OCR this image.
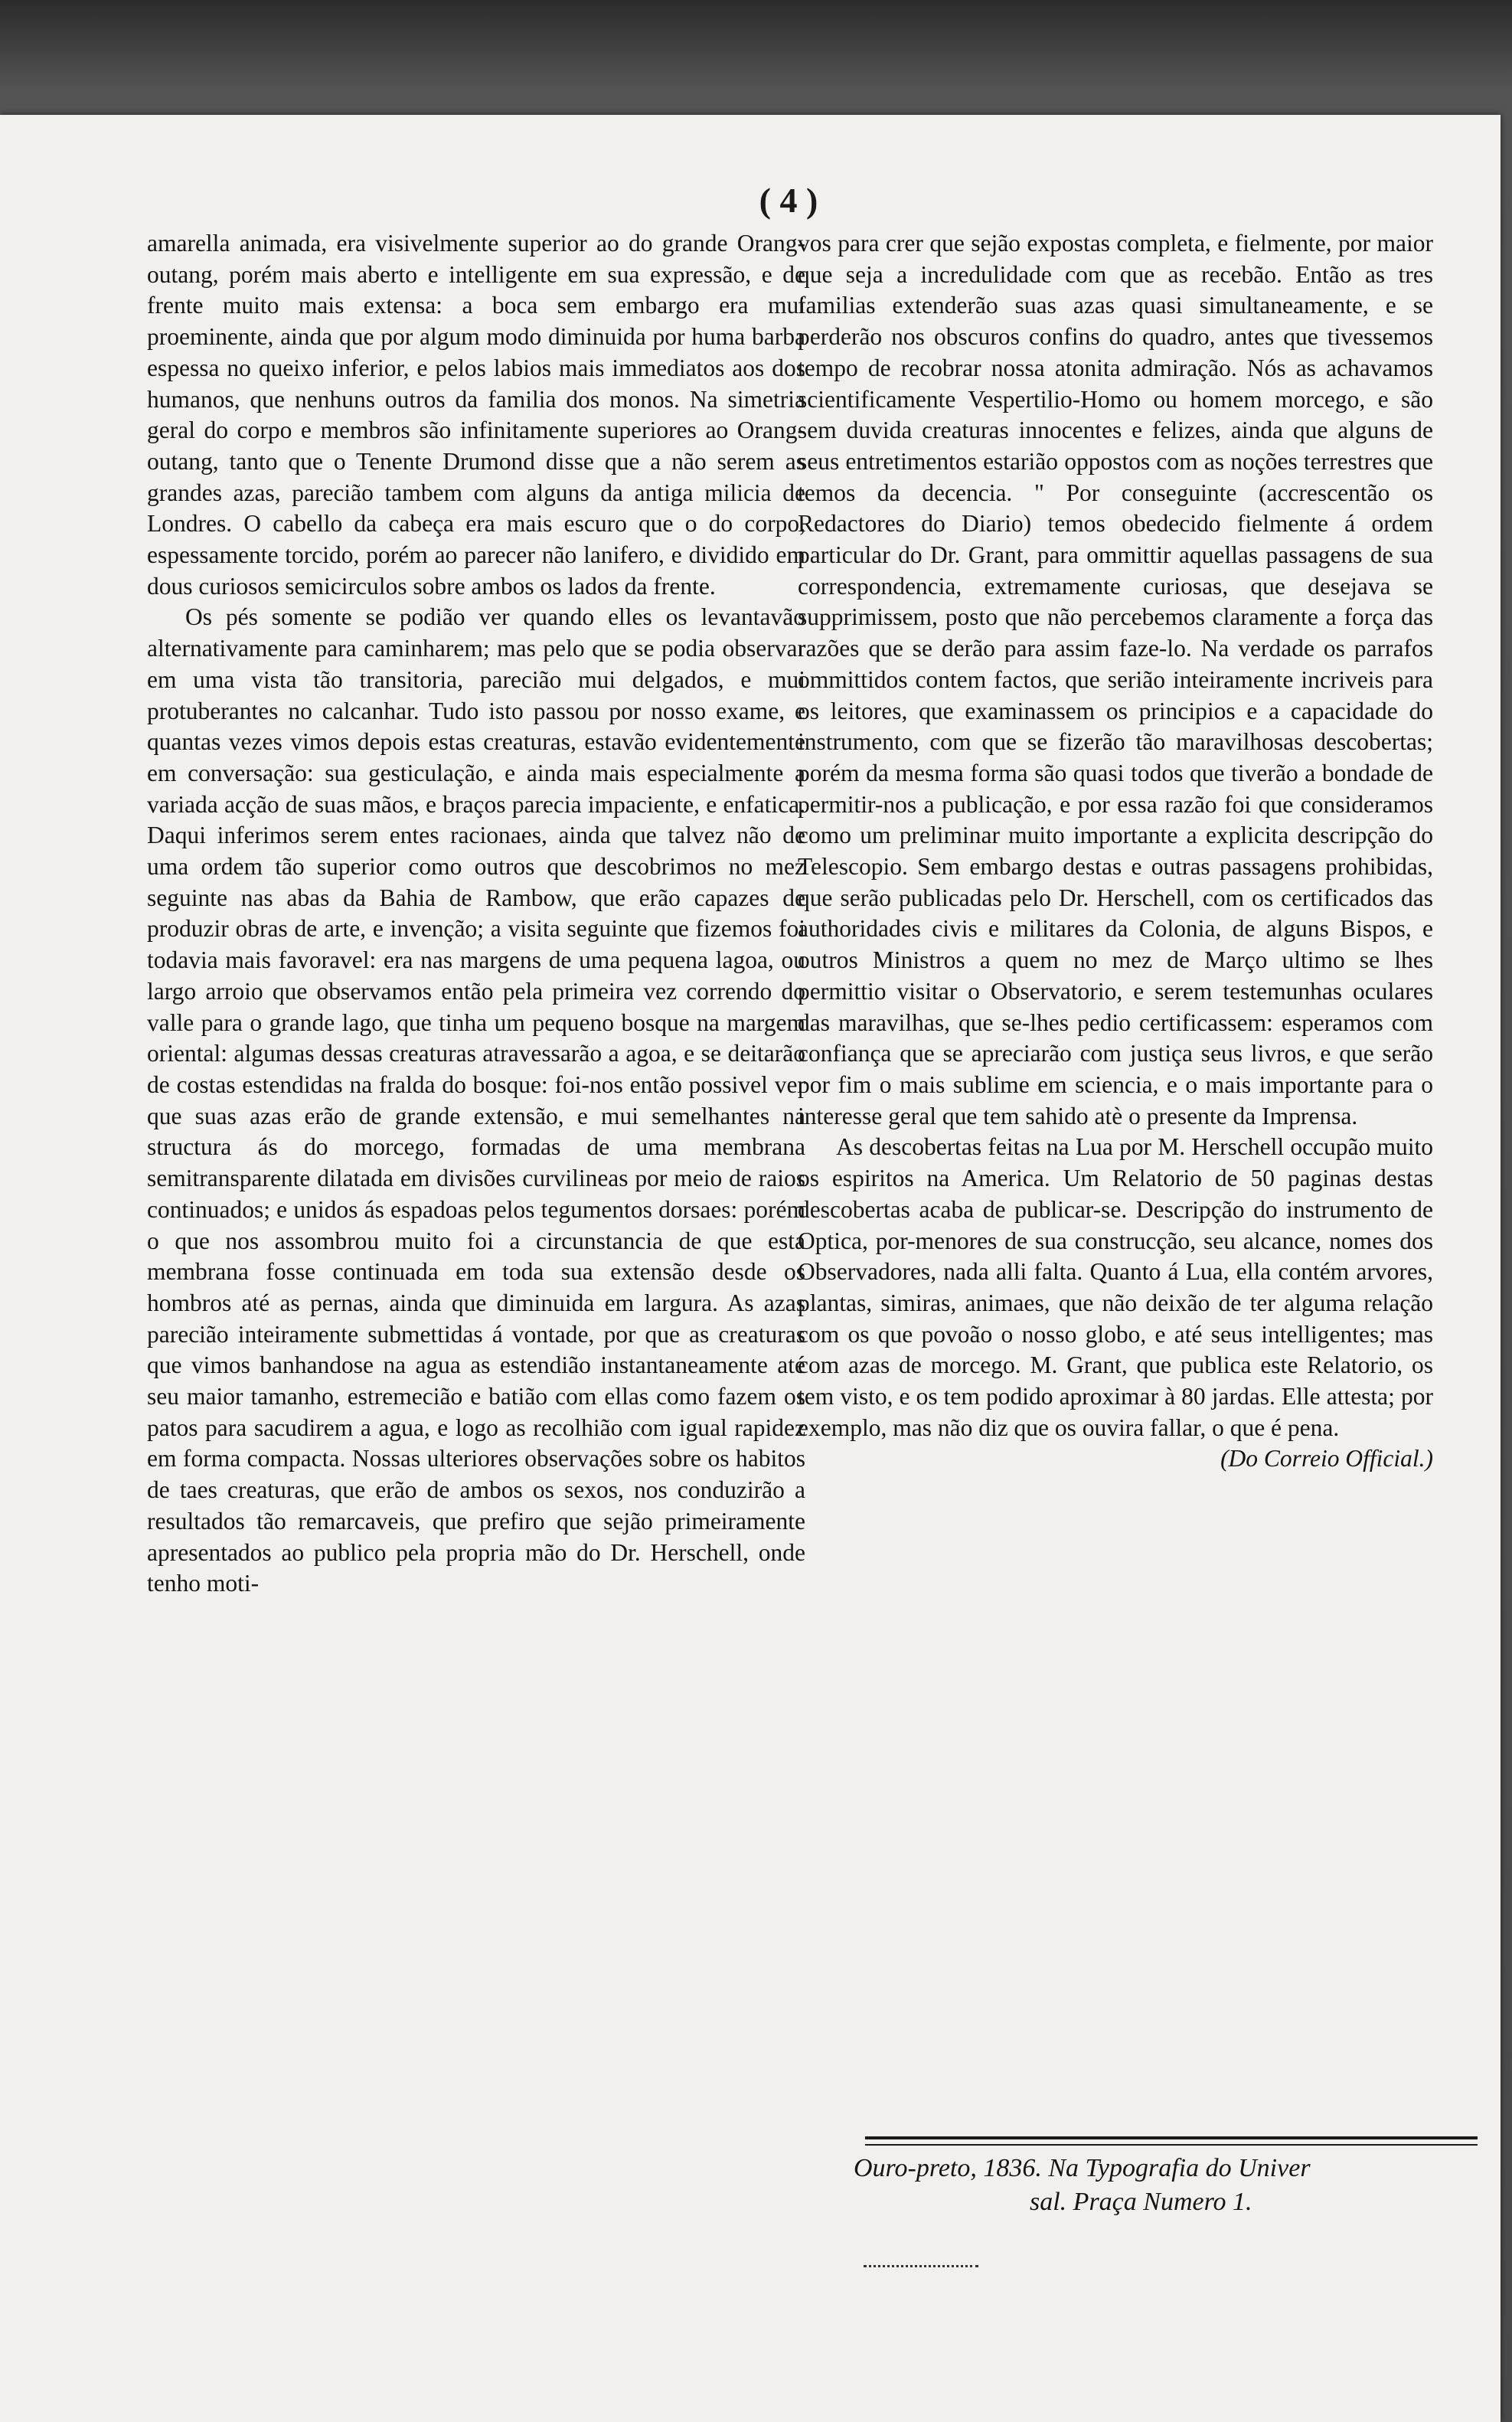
( 4 )

amarella animada, era visivelmente superior ao do grande Orang-outang, porém mais aberto e intelligente em sua expressão, e de frente muito mais extensa: a boca sem embargo era mui proeminente, ainda que por algum modo diminuida por huma barba espessa no queixo inferior, e pelos labios mais immediatos aos dos humanos, que nenhuns outros da familia dos monos. Na simetria geral do corpo e membros são infinitamente superiores ao Orang-outang, tanto que o Tenente Drumond disse que a não serem as grandes azas, parecião tambem com alguns da antiga milicia de Londres. O cabello da cabeça era mais escuro que o do corpo, espessamente torcido, porém ao parecer não lanifero, e dividido em dous curiosos semicirculos sobre ambos os lados da frente.

Os pés somente se podião ver quando elles os levantavão alternativamente para caminharem; mas pelo que se podia observar em uma vista tão transitoria, parecião mui delgados, e mui protuberantes no calcanhar. Tudo isto passou por nosso exame, e quantas vezes vimos depois estas creaturas, estavão evidentemente em conversação: sua gesticulação, e ainda mais especialmente a variada acção de suas mãos, e braços parecia impaciente, e enfatica. Daqui inferimos serem entes racionaes, ainda que talvez não de uma ordem tão superior como outros que descobrimos no mez seguinte nas abas da Bahia de Rambow, que erão capazes de produzir obras de arte, e invenção; a visita seguinte que fizemos foi todavia mais favoravel: era nas margens de uma pequena lagoa, ou largo arroio que observamos então pela primeira vez correndo do valle para o grande lago, que tinha um pequeno bosque na margem oriental: algumas dessas creaturas atravessarão a agoa, e se deitarão de costas estendidas na fralda do bosque: foi-nos então possivel ver que suas azas erão de grande extensão, e mui semelhantes na structura ás do morcego, formadas de uma membrana semitransparente dilatada em divisões curvilineas por meio de raios continuados; e unidos ás espadoas pelos tegumentos dorsaes: porém o que nos assombrou muito foi a circunstancia de que esta membrana fosse continuada em toda sua extensão desde os hombros até as pernas, ainda que diminuida em largura. As azas parecião inteiramente submettidas á vontade, por que as creaturas que vimos banhandose na agua as estendião instantaneamente até seu maior tamanho, estremecião e batião com ellas como fazem os patos para sacudirem a agua, e logo as recolhião com igual rapidez em forma compacta. Nossas ulteriores observações sobre os habitos de taes creaturas, que erão de ambos os sexos, nos conduzirão a resultados tão remarcaveis, que prefiro que sejão primeiramente apresentados ao publico pela propria mão do Dr. Herschell, onde tenho moti-

vos para crer que sejão expostas completa, e fielmente, por maior que seja a incredulidade com que as recebão. Então as tres familias extenderão suas azas quasi simultaneamente, e se perderão nos obscuros confins do quadro, antes que tivessemos tempo de recobrar nossa atonita admiração. Nós as achavamos scientificamente Vespertilio-Homo ou homem morcego, e são sem duvida creaturas innocentes e felizes, ainda que alguns de seus entretimentos estarião oppostos com as noções terrestres que temos da decencia. " Por conseguinte (accrescentão os Redactores do Diario) temos obedecido fielmente á ordem particular do Dr. Grant, para ommittir aquellas passagens de sua correspondencia, extremamente curiosas, que desejava se supprimissem, posto que não percebemos claramente a força das razões que se derão para assim faze-lo. Na verdade os parrafos ommittidos contem factos, que serião inteiramente incriveis para os leitores, que examinassem os principios e a capacidade do instrumento, com que se fizerão tão maravilhosas descobertas; porém da mesma forma são quasi todos que tiverão a bondade de permitir-nos a publicação, e por essa razão foi que consideramos como um preliminar muito importante a explicita descripção do Telescopio. Sem embargo destas e outras passagens prohibidas, que serão publicadas pelo Dr. Herschell, com os certificados das authoridades civis e militares da Colonia, de alguns Bispos, e outros Ministros a quem no mez de Março ultimo se lhes permittio visitar o Observatorio, e serem testemunhas oculares das maravilhas, que se-lhes pedio certificassem: esperamos com confiança que se apreciarão com justiça seus livros, e que serão por fim o mais sublime em sciencia, e o mais importante para o interesse geral que tem sahido atè o presente da Imprensa.

As descobertas feitas na Lua por M. Herschell occupão muito os espiritos na America. Um Relatorio de 50 paginas destas descobertas acaba de publicar-se. Descripção do instrumento de Optica, por-menores de sua construcção, seu alcance, nomes dos Observadores, nada alli falta. Quanto á Lua, ella contém arvores, plantas, simiras, animaes, que não deixão de ter alguma relação com os que povoão o nosso globo, e até seus intelligentes; mas com azas de morcego. M. Grant, que publica este Relatorio, os tem visto, e os tem podido aproximar à 80 jardas. Elle attesta; por exemplo, mas não diz que os ouvira fallar, o que é pena.

(Do Correio Official.)

Ouro-preto, 1836. Na Typografia do Univer
sal. Praça Numero 1.
